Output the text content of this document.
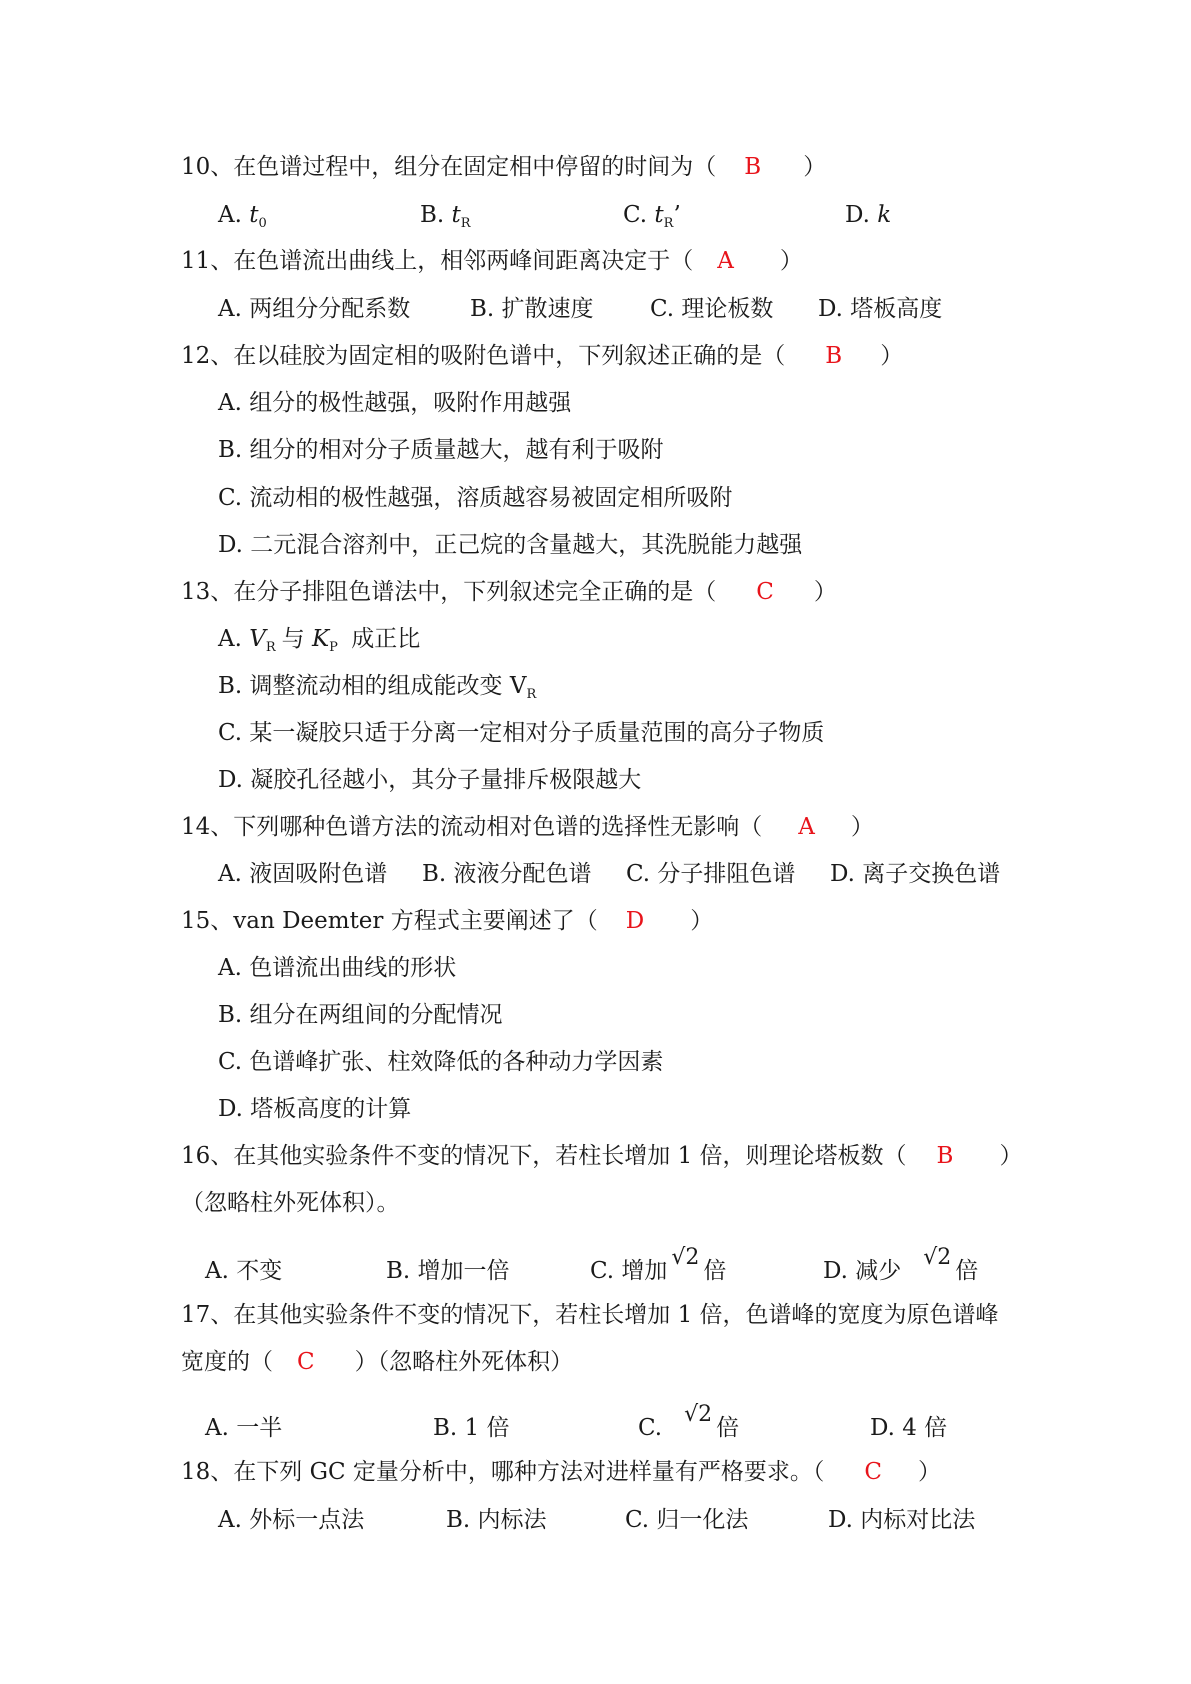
10、在色谱过程中，组分在固定相中停留的时间为（ B ）
A. $t_0$	B. $t_R$	C. $t_R$’	D. k
11、在色谱流出曲线上，相邻两峰间距离决定于（ A ）
A. 两组分分配系数	B. 扩散速度 C. 理论板数 D. 塔板高度
12、在以硅胶为固定相的吸附色谱中，下列叙述正确的是（ B ）
A. 组分的极性越强，吸附作用越强
B. 组分的相对分子质量越大，越有利于吸附
C. 流动相的极性越强，溶质越容易被固定相所吸附
D. 二元混合溶剂中，正己烷的含量越大，其洗脱能力越强
13、在分子排阻色谱法中，下列叙述完全正确的是（ C ）
A. $V_R$ 与 $K_P$ 成正比
B. 调整流动相的组成能改变 $V_R$
C. 某一凝胶只适于分离一定相对分子质量范围的高分子物质
D. 凝胶孔径越小，其分子量排斥极限越大
14、下列哪种色谱方法的流动相对色谱的选择性无影响（ A ）
A. 液固吸附色谱 B. 液液分配色谱 C. 分子排阻色谱 D. 离子交换色谱
15、van Deemter 方程式主要阐述了（ D ）
A. 色谱流出曲线的形状
B. 组分在两组间的分配情况
C. 色谱峰扩张、柱效降低的各种动力学因素
D. 塔板高度的计算
16、在其他实验条件不变的情况下，若柱长增加 1 倍，则理论塔板数（ B ）
（忽略柱外死体积）。
A. 不变	B. 增加一倍	C. 增加√2倍	D. 减少√2倍
17、在其他实验条件不变的情况下，若柱长增加 1 倍，色谱峰的宽度为原色谱峰
宽度的（ C ）（忽略柱外死体积）
A. 一半	B. 1 倍	C.√2倍	D. 4 倍
18、在下列 GC 定量分析中，哪种方法对进样量有严格要求。（ C ）
A. 外标一点法	B. 内标法	C. 归一化法	D. 内标对比法
